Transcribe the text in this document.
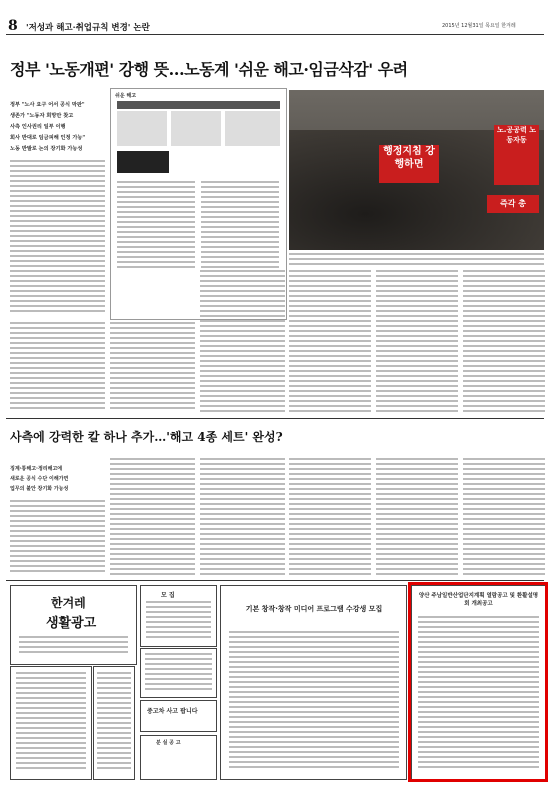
8 '저성과 해고·취업규칙 변경' 논란	2015년 12월31일 목요일 한겨레
정부 '노동개편' 강행 뜻…노동계 '쉬운 해고·임금삭감' 우려
정부 "노사 요구 어서 공식 막판"
생존가 "노동자 희망만 찾고
사측 인사권리 일부 이행
회사 반대로 임금피해 인정 가능"
노동 반발로 논의 장기화 가능성
쉬운 해고
행정지침 강행하면
노.공공력 노동자동
즉각 총
사측에 강력한 칼 하나 추가…'해고 4종 세트' 완성?
징계·통해고·정리해고에
새로운 공식 수단 이해가면
업무의 불안 장기화 가능성
한겨레
생활광고
모 집
중고차 사고 팝니다
분 실 공 고
기본 창작·창작 미디어 프로그램 수강생 모집
양산 주남일반산업단지계획 열람공고 및 환활설명회 개최공고
